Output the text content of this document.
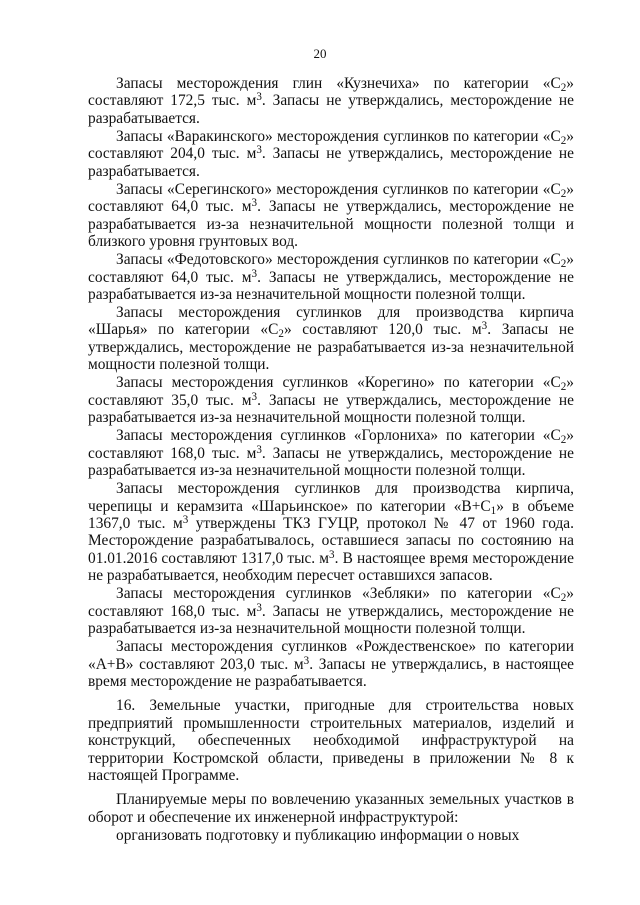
20

Запасы месторождения глин «Кузнечиха» по категории «$С_2$» составляют 172,5 тыс. $м^3$. Запасы не утверждались, месторождение не разрабатывается.

Запасы «Варакинского» месторождения суглинков по категории «$С_2$» составляют 204,0 тыс. $м^3$. Запасы не утверждались, месторождение не разрабатывается.

Запасы «Серегинского» месторождения суглинков по категории «$С_2$» составляют 64,0 тыс. $м^3$. Запасы не утверждались, месторождение не разрабатывается из-за незначительной мощности полезной толщи и близкого уровня грунтовых вод.

Запасы «Федотовского» месторождения суглинков по категории «$С_2$» составляют 64,0 тыс. $м^3$. Запасы не утверждались, месторождение не разрабатывается из-за незначительной мощности полезной толщи.

Запасы месторождения суглинков для производства кирпича «Шарья» по категории «$С_2$» составляют 120,0 тыс. $м^3$. Запасы не утверждались, месторождение не разрабатывается из-за незначительной мощности полезной толщи.

Запасы месторождения суглинков «Корегино» по категории «$С_2$» составляют 35,0 тыс. $м^3$. Запасы не утверждались, месторождение не разрабатывается из-за незначительной мощности полезной толщи.

Запасы месторождения суглинков «Горлониха» по категории «$С_2$» составляют 168,0 тыс. $м^3$. Запасы не утверждались, месторождение не разрабатывается из-за незначительной мощности полезной толщи.

Запасы месторождения суглинков для производства кирпича, черепицы и керамзита «Шарьинское» по категории «$В+С_1$» в объеме 1367,0 тыс. $м^3$ утверждены ТКЗ ГУЦР, протокол № 47 от 1960 года. Месторождение разрабатывалось, оставшиеся запасы по состоянию на 01.01.2016 составляют 1317,0 тыс. $м^3$. В настоящее время месторождение не разрабатывается, необходим пересчет оставшихся запасов.

Запасы месторождения суглинков «Зебляки» по категории «$С_2$» составляют 168,0 тыс. $м^3$. Запасы не утверждались, месторождение не разрабатывается из-за незначительной мощности полезной толщи.

Запасы месторождения суглинков «Рождественское» по категории «А+В» составляют 203,0 тыс. $м^3$. Запасы не утверждались, в настоящее время месторождение не разрабатывается.

16. Земельные участки, пригодные для строительства новых предприятий промышленности строительных материалов, изделий и конструкций, обеспеченных необходимой инфраструктурой на территории Костромской области, приведены в приложении № 8 к настоящей Программе.

Планируемые меры по вовлечению указанных земельных участков в оборот и обеспечение их инженерной инфраструктурой:

организовать подготовку и публикацию информации о новых
